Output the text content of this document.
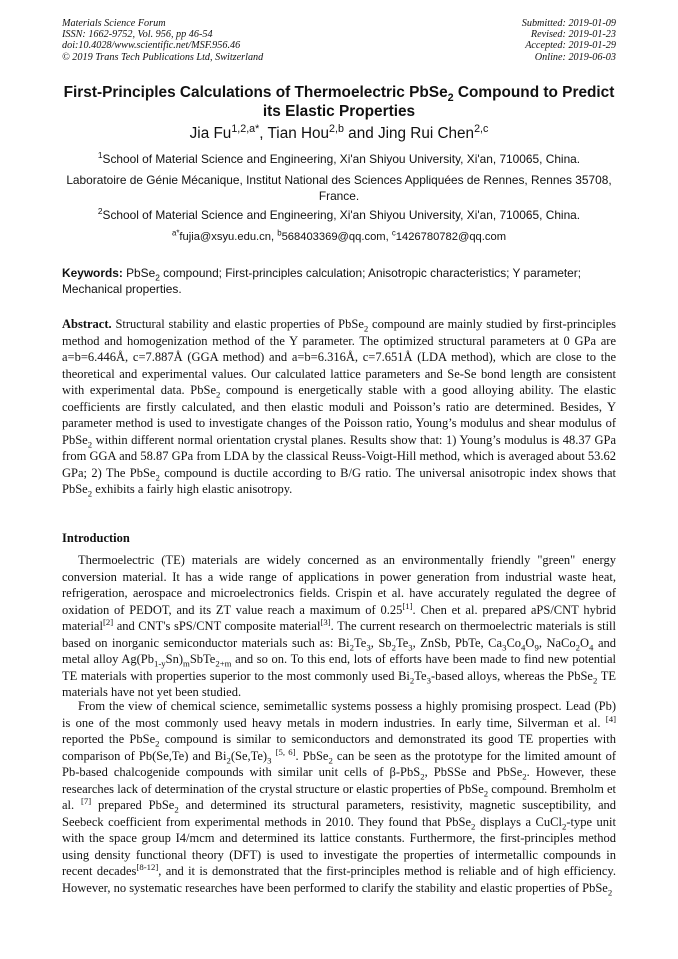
Materials Science Forum
ISSN: 1662-9752, Vol. 956, pp 46-54
doi:10.4028/www.scientific.net/MSF.956.46
© 2019 Trans Tech Publications Ltd, Switzerland
Submitted: 2019-01-09
Revised: 2019-01-23
Accepted: 2019-01-29
Online: 2019-06-03
First-Principles Calculations of Thermoelectric PbSe$_2$ Compound to Predict its Elastic Properties
Jia $Fu^{1,2,a*}$, Tian Hou$^{2,b}$ and Jing Rui Chen$^{2,c}$
$^1$School of Material Science and Engineering, Xi'an Shiyou University, Xi'an, 710065, China.
Laboratoire de Génie Mécanique, Institut National des Sciences Appliquées de Rennes, Rennes 35708, France.
$^2$School of Material Science and Engineering, Xi'an Shiyou University, Xi'an, 710065, China.
$^{a*}$fujia@xsyu.edu.cn, $^b$568403369@qq.com, $^c$1426780782@qq.com
Keywords: PbSe$_2$ compound; First-principles calculation; Anisotropic characteristics; Y parameter; Mechanical properties.

Abstract. Structural stability and elastic properties of PbSe$_2$ compound are mainly studied by first-principles method and homogenization method of the Y parameter. The optimized structural parameters at 0 GPa are a=b=6.446Å, c=7.887Å (GGA method) and a=b=6.316Å, c=7.651Å (LDA method), which are close to the theoretical and experimental values. Our calculated lattice parameters and Se-Se bond length are consistent with experimental data. PbSe$_2$ compound is energetically stable with a good alloying ability. The elastic coefficients are firstly calculated, and then elastic moduli and Poisson’s ratio are determined. Besides, Y parameter method is used to investigate changes of the Poisson ratio, Young’s modulus and shear modulus of PbSe$_2$ within different normal orientation crystal planes. Results show that: 1) Young’s modulus is 48.37 GPa from GGA and 58.87 GPa from LDA by the classical Reuss-Voigt-Hill method, which is averaged about 53.62 GPa; 2) The PbSe$_2$ compound is ductile according to B/G ratio. The universal anisotropic index shows that PbSe$_2$ exhibits a fairly high elastic anisotropy.

Introduction

Thermoelectric (TE) materials are widely concerned as an environmentally friendly "green" energy conversion material. It has a wide range of applications in power generation from industrial waste heat, refrigeration, aerospace and microelectronics fields. Crispin et al. have accurately regulated the degree of oxidation of PEDOT, and its ZT value reach a maximum of 0.25[1]. Chen et al. prepared aPS/CNT hybrid material[2] and CNT's sPS/CNT composite material[3]. The current research on thermoelectric materials is still based on inorganic semiconductor materials such as: $Bi_2Te_3$, $Sb_2Te_3$, ZnSb, PbTe, $Ca_3Co_4O_9$, $NaCo_2O_4$ and metal alloy $Ag(Pb_{1-y}Sn)_mSbTe_{2+m}$ and so on. To this end, lots of efforts have been made to find new potential TE materials with properties superior to the most commonly used $Bi_2Te_3$-based alloys, whereas the PbSe$_2$ TE materials have not yet been studied.

From the view of chemical science, semimetallic systems possess a highly promising prospect. Lead (Pb) is one of the most commonly used heavy metals in modern industries. In early time, Silverman et al. [4] reported the PbSe$_2$ compound is similar to semiconductors and demonstrated its good TE properties with comparison of Pb(Se,Te) and $Bi_2(Se,Te)_3$ [5, 6]. PbSe$_2$ can be seen as the prototype for the limited amount of Pb-based chalcogenide compounds with similar unit cells of β-PbS$_2$, PbSSe and PbSe$_2$. However, these researches lack of determination of the crystal structure or elastic properties of PbSe$_2$ compound. Bremholm et al. [7] prepared PbSe$_2$ and determined its structural parameters, resistivity, magnetic susceptibility, and Seebeck coefficient from experimental methods in 2010. They found that PbSe$_2$ displays a CuCl$_2$-type unit with the space group I4/mcm and determined its lattice constants. Furthermore, the first-principles method using density functional theory (DFT) is used to investigate the properties of intermetallic compounds in recent decades[8-12], and it is demonstrated that the first-principles method is reliable and of high efficiency. However, no systematic researches have been performed to clarify the stability and elastic properties of PbSe$_2$
